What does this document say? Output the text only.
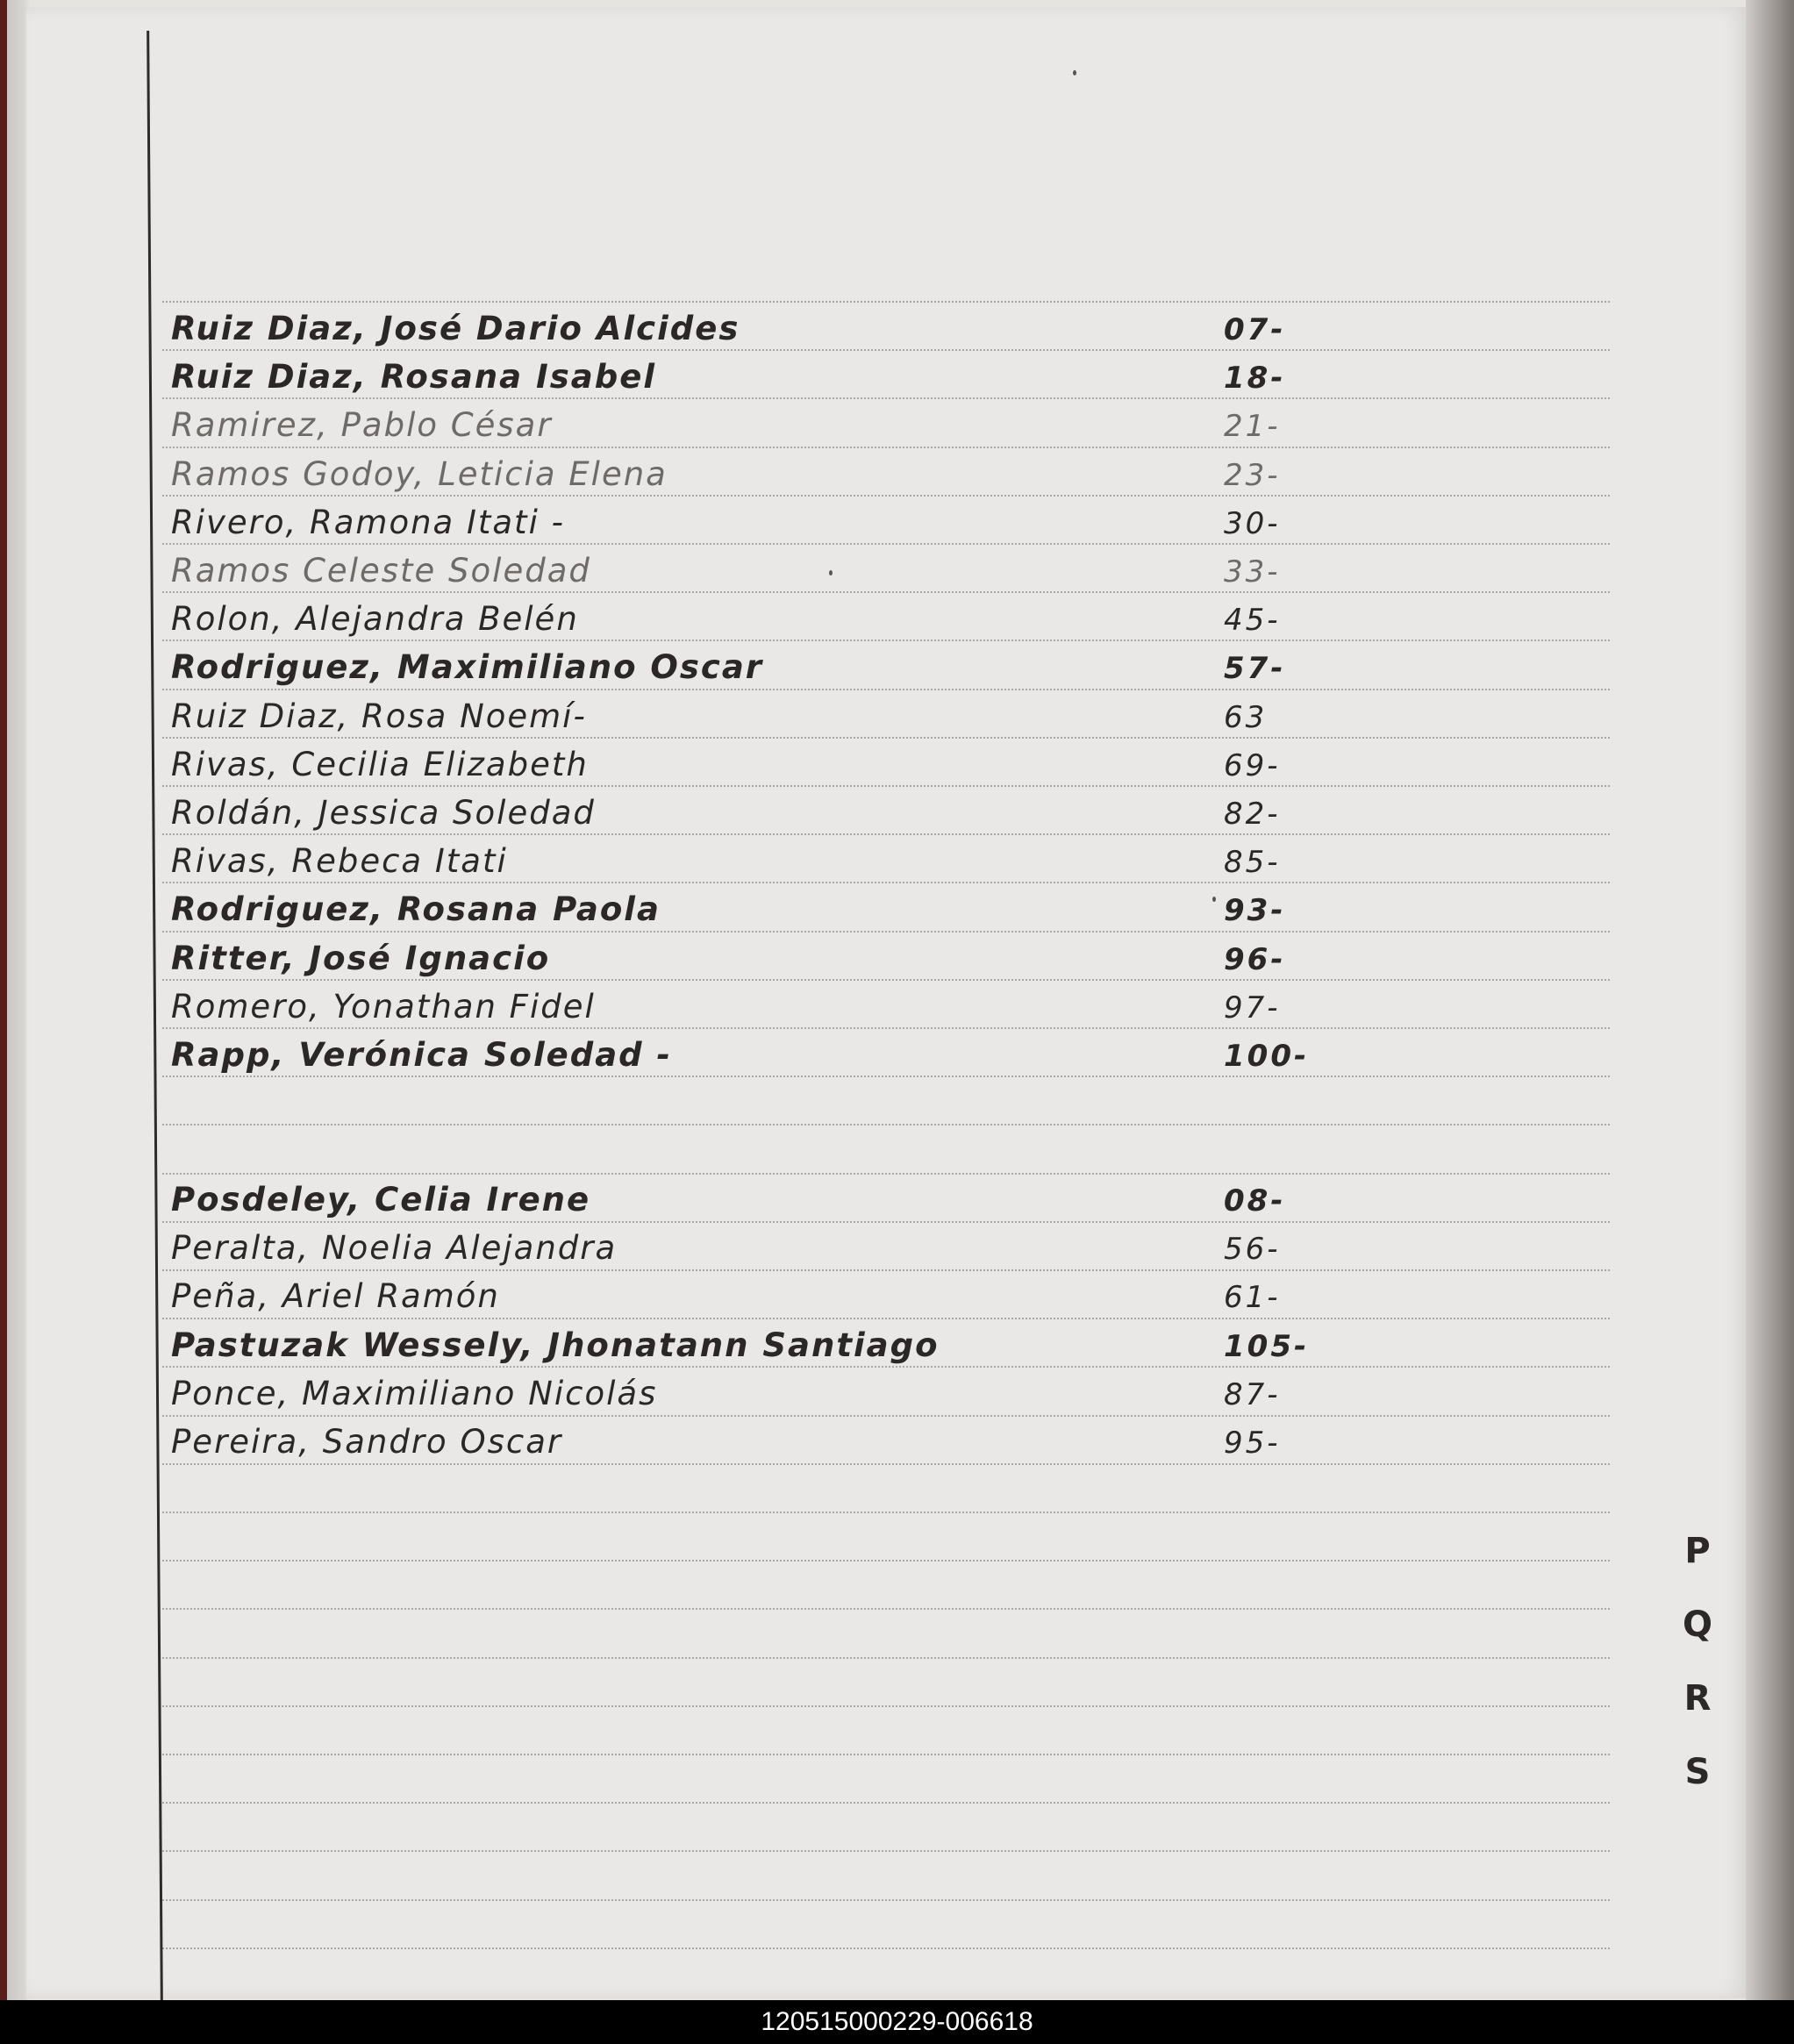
Ruiz Diaz, José Dario Alcides	07-
Ruiz Diaz, Rosana Isabel	18-
Ramirez, Pablo César	21-
Ramos Godoy, Leticia Elena	23-
Rivero, Ramona Itati -	30-
Ramos Celeste Soledad	33-
Rolon, Alejandra Belén	45-
Rodriguez, Maximiliano Oscar	57-
Ruiz Diaz, Rosa Noemí-	63
Rivas, Cecilia Elizabeth	69-
Roldán, Jessica Soledad	82-
Rivas, Rebeca Itati	85-
Rodriguez, Rosana Paola	93-
Ritter, José Ignacio	96-
Romero, Yonathan Fidel	97-
Rapp, Verónica Soledad -	100-
Posdeley, Celia Irene	08-
Peralta, Noelia Alejandra	56-
Peña, Ariel Ramón	61-
Pastuzak Wessely, Jhonatann Santiago	105-
Ponce, Maximiliano Nicolás	87-
Pereira, Sandro Oscar	95-
P
Q
R
S
120515000229-006618
